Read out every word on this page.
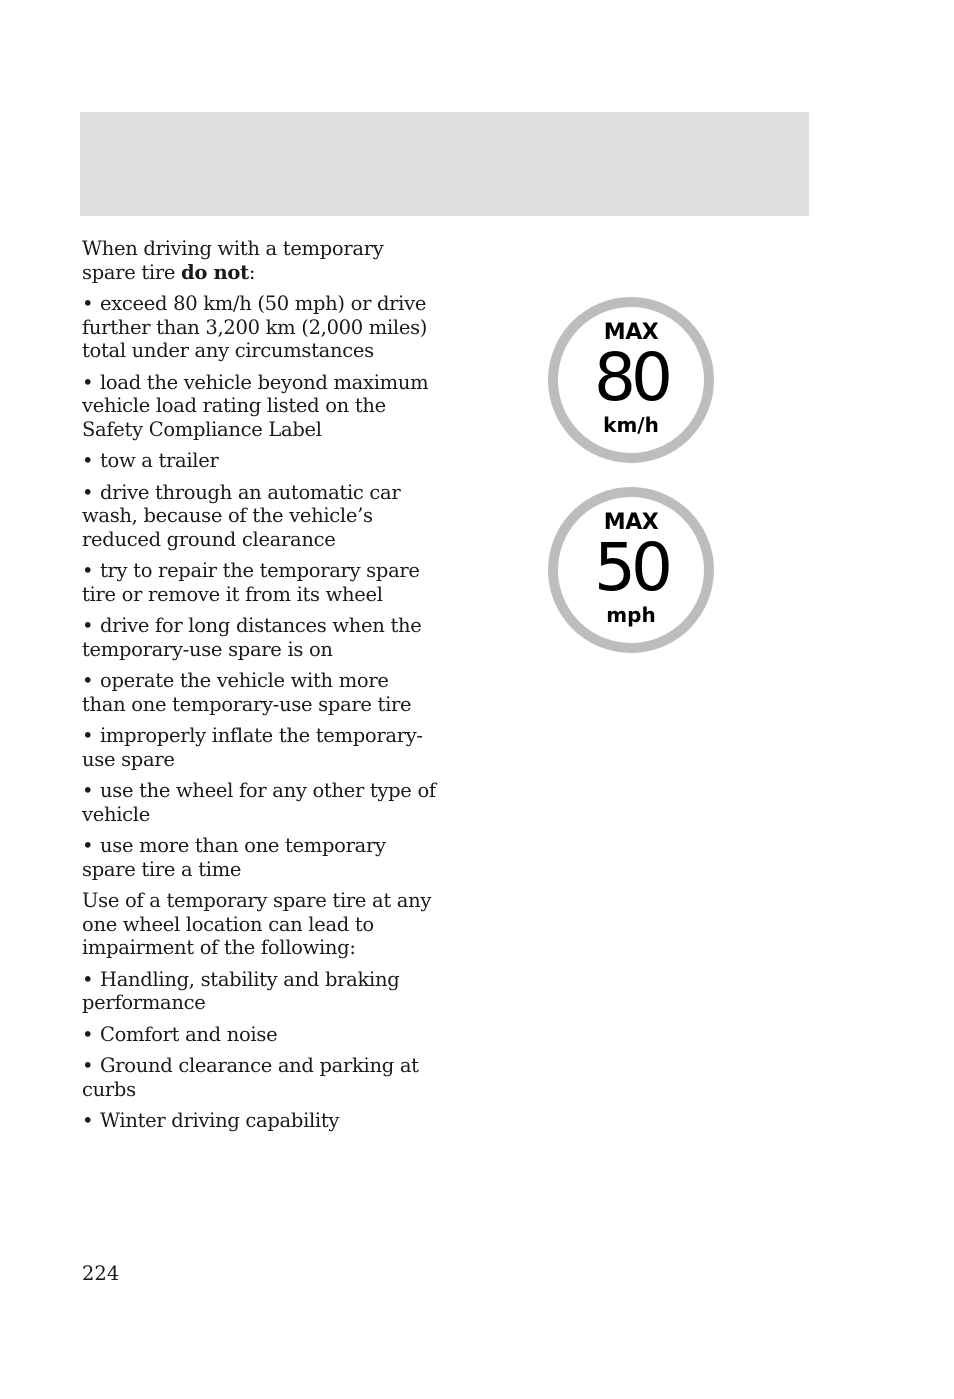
When driving with a temporary spare tire do not:

• exceed 80 km/h (50 mph) or drive further than 3,200 km (2,000 miles) total under any circumstances
• load the vehicle beyond maximum vehicle load rating listed on the Safety Compliance Label
• tow a trailer
• drive through an automatic car wash, because of the vehicle’s reduced ground clearance
• try to repair the temporary spare tire or remove it from its wheel
• drive for long distances when the temporary-use spare is on
• operate the vehicle with more than one temporary-use spare tire
• improperly inflate the temporary-use spare
• use the wheel for any other type of vehicle
• use more than one temporary spare tire a time

Use of a temporary spare tire at any one wheel location can lead to impairment of the following:

• Handling, stability and braking performance
• Comfort and noise
• Ground clearance and parking at curbs
• Winter driving capability
MAX
80
km/h
MAX
50
mph
224
